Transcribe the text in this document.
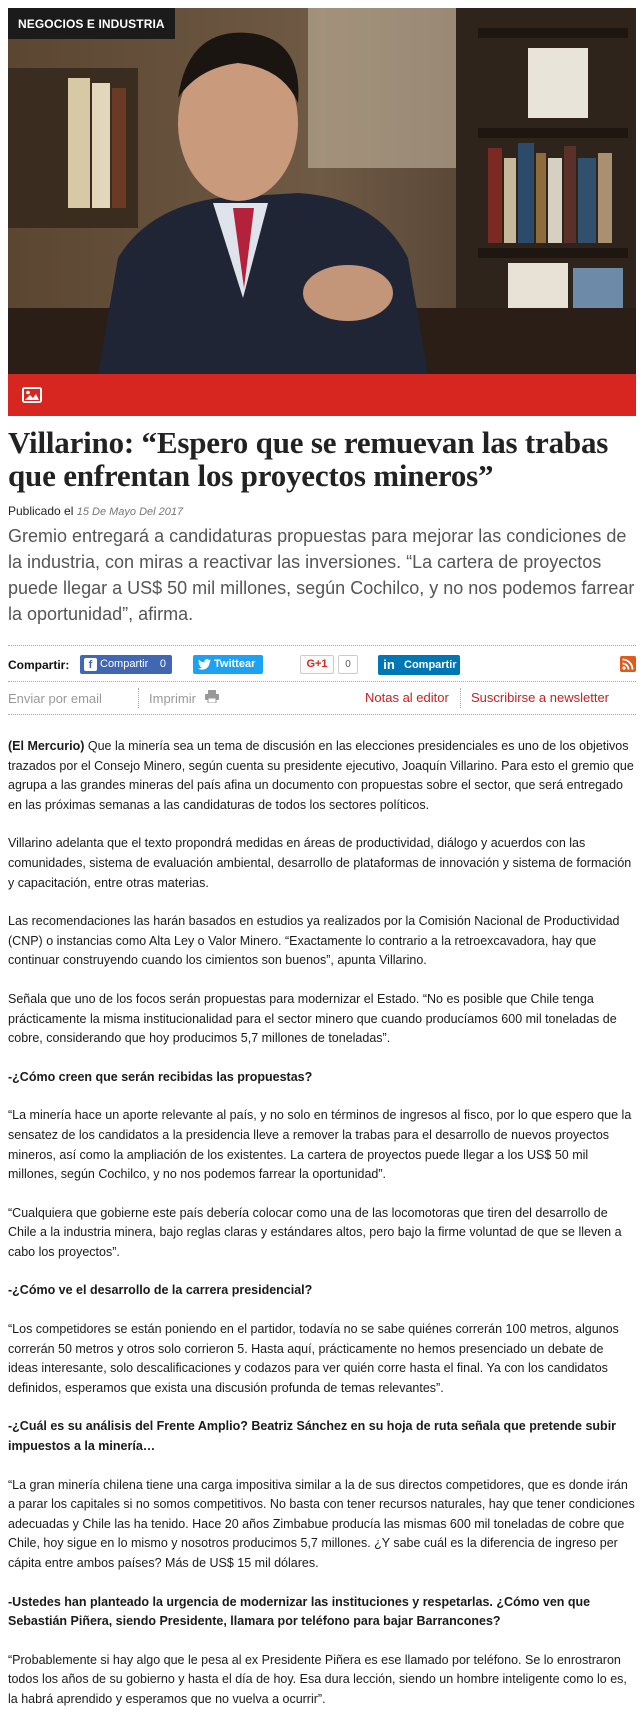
NEGOCIOS E INDUSTRIA
Villarino: “Espero que se remuevan las trabas que enfrentan los proyectos mineros”
Publicado el 15 De Mayo Del 2017

Gremio entregará a candidaturas propuestas para mejorar las condiciones de la industria, con miras a reactivar las inversiones. “La cartera de proyectos puede llegar a US$ 50 mil millones, según Cochilco, y no nos podemos farrear la oportunidad”, afirma.

Compartir:	f Compartir 0	Twittear	G+1	0	in Compartir
Enviar por email	Imprimir	Notas al editor Suscribirse a newsletter

(El Mercurio) Que la minería sea un tema de discusión en las elecciones presidenciales es uno de los objetivos trazados por el Consejo Minero, según cuenta su presidente ejecutivo, Joaquín Villarino. Para esto el gremio que agrupa a las grandes mineras del país afina un documento con propuestas sobre el sector, que será entregado en las próximas semanas a las candidaturas de todos los sectores políticos.

Villarino adelanta que el texto propondrá medidas en áreas de productividad, diálogo y acuerdos con las comunidades, sistema de evaluación ambiental, desarrollo de plataformas de innovación y sistema de formación y capacitación, entre otras materias.

Las recomendaciones las harán basados en estudios ya realizados por la Comisión Nacional de Productividad (CNP) o instancias como Alta Ley o Valor Minero. “Exactamente lo contrario a la retroexcavadora, hay que continuar construyendo cuando los cimientos son buenos”, apunta Villarino.

Señala que uno de los focos serán propuestas para modernizar el Estado. “No es posible que Chile tenga prácticamente la misma institucionalidad para el sector minero que cuando producíamos 600 mil toneladas de cobre, considerando que hoy producimos 5,7 millones de toneladas”.

-¿Cómo creen que serán recibidas las propuestas?

“La minería hace un aporte relevante al país, y no solo en términos de ingresos al fisco, por lo que espero que la sensatez de los candidatos a la presidencia lleve a remover la trabas para el desarrollo de nuevos proyectos mineros, así como la ampliación de los existentes. La cartera de proyectos puede llegar a los US$ 50 mil millones, según Cochilco, y no nos podemos farrear la oportunidad”.

“Cualquiera que gobierne este país debería colocar como una de las locomotoras que tiren del desarrollo de Chile a la industria minera, bajo reglas claras y estándares altos, pero bajo la firme voluntad de que se lleven a cabo los proyectos”.

-¿Cómo ve el desarrollo de la carrera presidencial?

“Los competidores se están poniendo en el partidor, todavía no se sabe quiénes correrán 100 metros, algunos correrán 50 metros y otros solo corrieron 5. Hasta aquí, prácticamente no hemos presenciado un debate de ideas interesante, solo descalificaciones y codazos para ver quién corre hasta el final. Ya con los candidatos definidos, esperamos que exista una discusión profunda de temas relevantes”.

-¿Cuál es su análisis del Frente Amplio? Beatriz Sánchez en su hoja de ruta señala que pretende subir impuestos a la minería…

“La gran minería chilena tiene una carga impositiva similar a la de sus directos competidores, que es donde irán a parar los capitales si no somos competitivos. No basta con tener recursos naturales, hay que tener condiciones adecuadas y Chile las ha tenido. Hace 20 años Zimbabue producía las mismas 600 mil toneladas de cobre que Chile, hoy sigue en lo mismo y nosotros producimos 5,7 millones. ¿Y sabe cuál es la diferencia de ingreso per cápita entre ambos países? Más de US$ 15 mil dólares.

-Ustedes han planteado la urgencia de modernizar las instituciones y respetarlas. ¿Cómo ven que Sebastián Piñera, siendo Presidente, llamara por teléfono para bajar Barrancones?

“Probablemente si hay algo que le pesa al ex Presidente Piñera es ese llamado por teléfono. Se lo enrostraron todos los años de su gobierno y hasta el día de hoy. Esa dura lección, siendo un hombre inteligente como lo es, la habrá aprendido y esperamos que no vuelva a ocurrir”.
